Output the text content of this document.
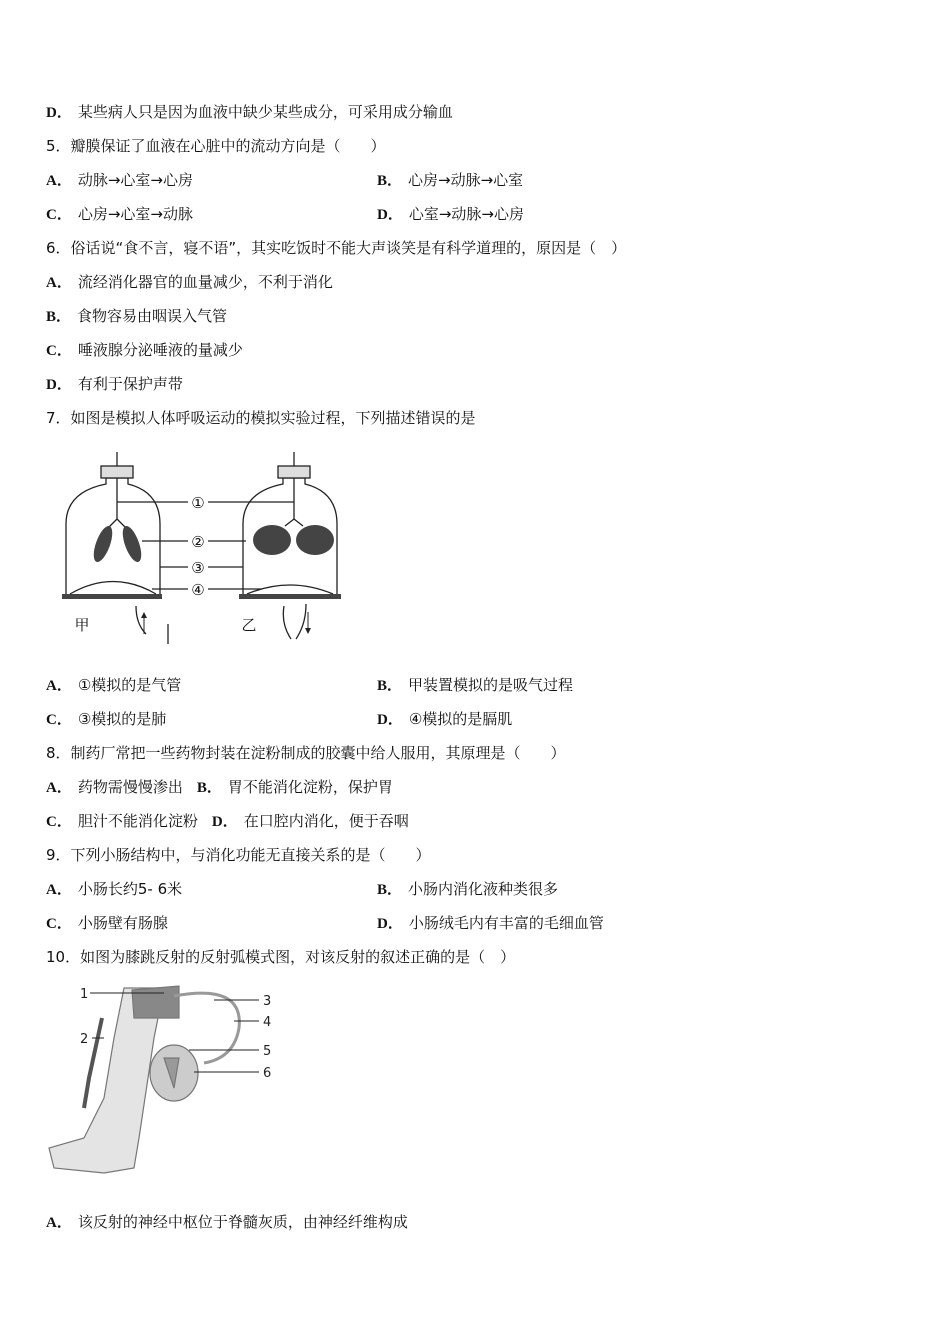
D． 某些病人只是因为血液中缺少某些成分，可采用成分输血
5．瓣膜保证了血液在心脏中的流动方向是（　　）
A． 动脉→心室→心房	B． 心房→动脉→心室
C． 心房→心室→动脉	D． 心室→动脉→心房
6．俗话说“食不言，寝不语”，其实吃饭时不能大声谈笑是有科学道理的，原因是（　）
A． 流经消化器官的血量减少，不利于消化
B． 食物容易由咽误入气管
C． 唾液腺分泌唾液的量减少
D． 有利于保护声带
7．如图是模拟人体呼吸运动的模拟实验过程，下列描述错误的是
①
②
③
④
甲	乙
A． ①模拟的是气管	B． 甲装置模拟的是吸气过程
C． ③模拟的是肺	D． ④模拟的是膈肌
8．制药厂常把一些药物封装在淀粉制成的胶囊中给人服用，其原理是（　　）
A． 药物需慢慢渗出 B． 胃不能消化淀粉，保护胃
C． 胆汁不能消化淀粉 D． 在口腔内消化，便于吞咽
9．下列小肠结构中，与消化功能无直接关系的是（　　）
A． 小肠长约5- 6米	B． 小肠内消化液种类很多
C． 小肠壁有肠腺	D． 小肠绒毛内有丰富的毛细血管
10．如图为膝跳反射的反射弧模式图，对该反射的叙述正确的是（　）
1
2
3
4
5
6
A． 该反射的神经中枢位于脊髓灰质，由神经纤维构成
